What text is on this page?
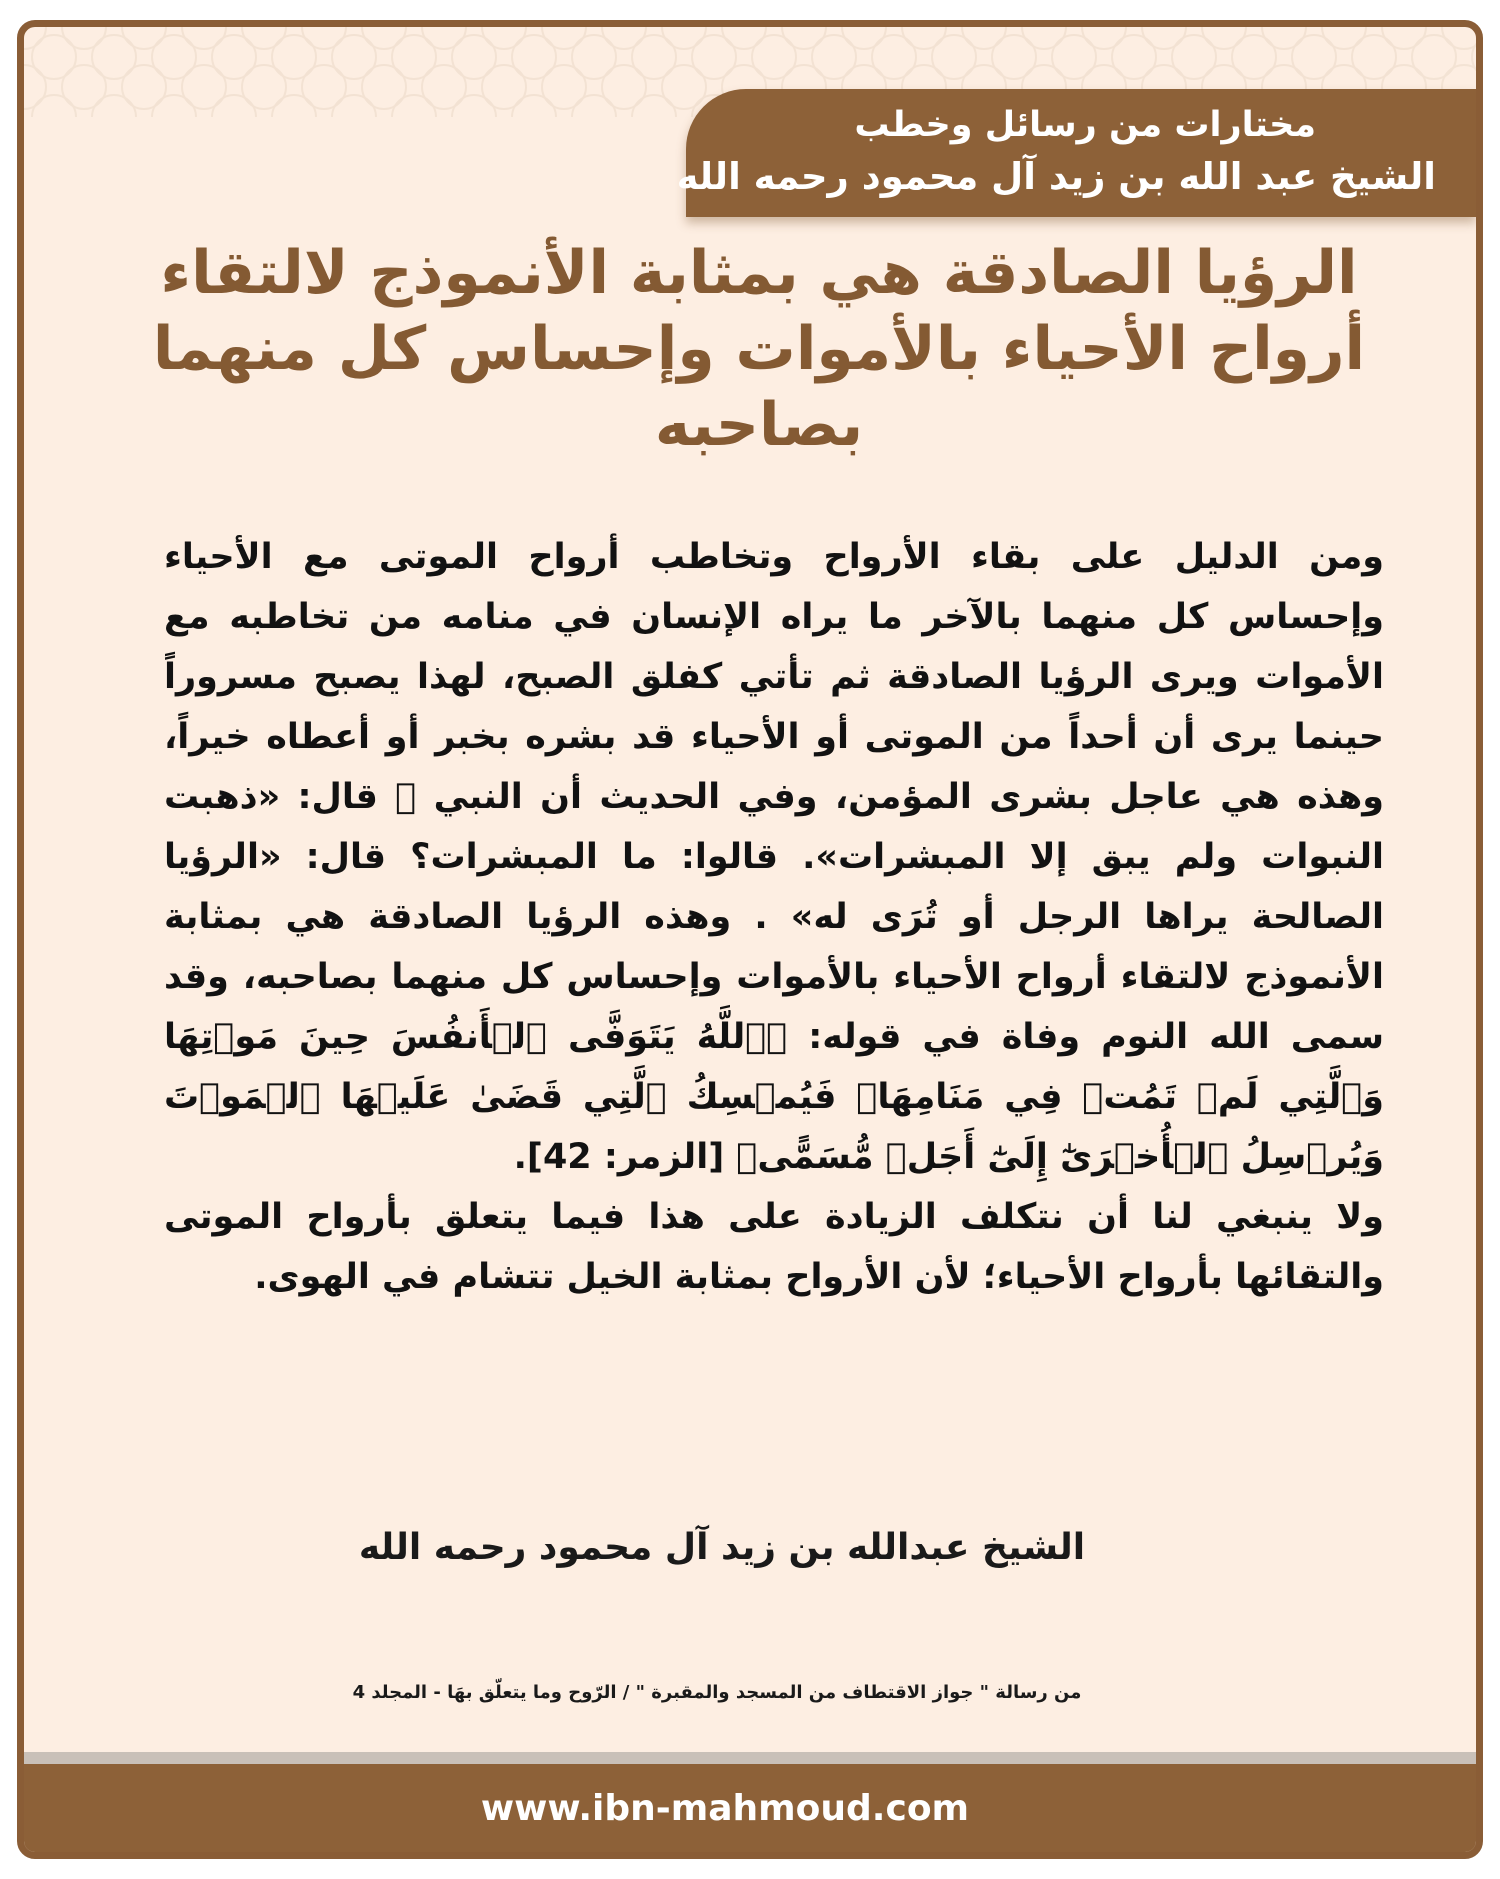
مختارات من رسائل وخطب
الشيخ عبد الله بن زيد آل محمود رحمه الله
الرؤيا الصادقة هي بمثابة الأنموذج لالتقاء أرواح الأحياء بالأموات وإحساس كل منهما بصاحبه

ومن الدليل على بقاء الأرواح وتخاطب أرواح الموتى مع الأحياء وإحساس كل منهما بالآخر ما يراه الإنسان في منامه من تخاطبه مع الأموات ويرى الرؤيا الصادقة ثم تأتي كفلق الصبح، لهذا يصبح مسروراً حينما يرى أن أحداً من الموتى أو الأحياء قد بشره بخبر أو أعطاه خيراً، وهذه هي عاجل بشرى المؤمن، وفي الحديث أن النبي ﷺ قال: «ذهبت النبوات ولم يبق إلا المبشرات». قالوا: ما المبشرات؟ قال: «الرؤيا الصالحة يراها الرجل أو تُرَى له» . وهذه الرؤيا الصادقة هي بمثابة الأنموذج لالتقاء أرواح الأحياء بالأموات وإحساس كل منهما بصاحبه، وقد سمى الله النوم وفاة في قوله: ﴿ٱللَّهُ يَتَوَفَّى ٱلۡأَنفُسَ حِينَ مَوۡتِهَا وَٱلَّتِي لَمۡ تَمُتۡ فِي مَنَامِهَاۖ فَيُمۡسِكُ ٱلَّتِي قَضَىٰ عَلَيۡهَا ٱلۡمَوۡتَ وَيُرۡسِلُ ٱلۡأُخۡرَىٰٓ إِلَىٰٓ أَجَلٖ مُّسَمًّى﴾ [الزمر: 42].

ولا ينبغي لنا أن نتكلف الزيادة على هذا فيما يتعلق بأرواح الموتى والتقائها بأرواح الأحياء؛ لأن الأرواح بمثابة الخيل تتشام في الهوى.

الشيخ عبدالله بن زيد آل محمود رحمه الله
من رسالة " جواز الاقتطاف من المسجد والمقبرة " / الرّوح وما يتعلّق بهَا - المجلد 4
www.ibn-mahmoud.com
